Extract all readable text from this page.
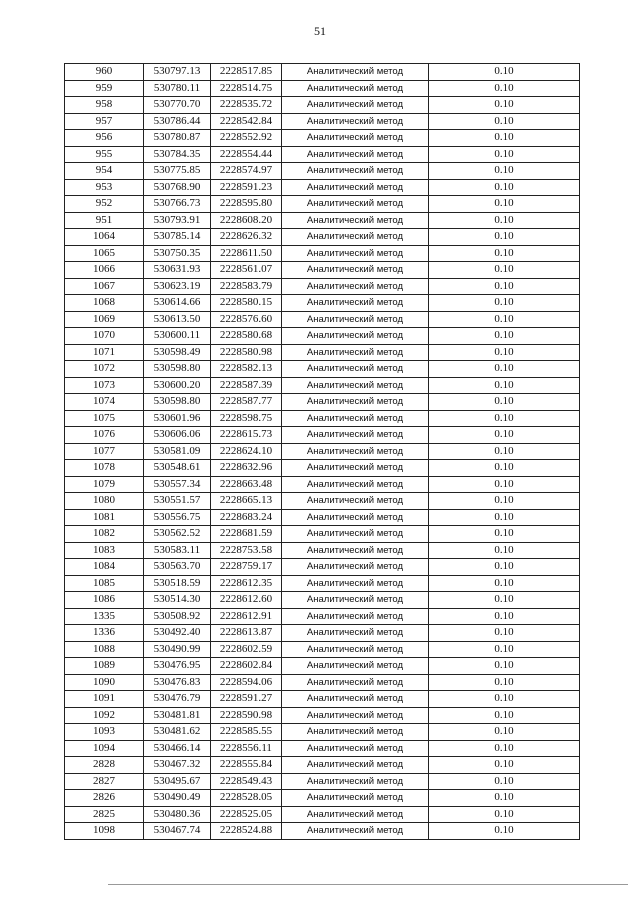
51
960	530797.13	2228517.85	Аналитический метод	0.10
959	530780.11	2228514.75	Аналитический метод	0.10
958	530770.70	2228535.72	Аналитический метод	0.10
957	530786.44	2228542.84	Аналитический метод	0.10
956	530780.87	2228552.92	Аналитический метод	0.10
955	530784.35	2228554.44	Аналитический метод	0.10
954	530775.85	2228574.97	Аналитический метод	0.10
953	530768.90	2228591.23	Аналитический метод	0.10
952	530766.73	2228595.80	Аналитический метод	0.10
951	530793.91	2228608.20	Аналитический метод	0.10
1064	530785.14	2228626.32	Аналитический метод	0.10
1065	530750.35	2228611.50	Аналитический метод	0.10
1066	530631.93	2228561.07	Аналитический метод	0.10
1067	530623.19	2228583.79	Аналитический метод	0.10
1068	530614.66	2228580.15	Аналитический метод	0.10
1069	530613.50	2228576.60	Аналитический метод	0.10
1070	530600.11	2228580.68	Аналитический метод	0.10
1071	530598.49	2228580.98	Аналитический метод	0.10
1072	530598.80	2228582.13	Аналитический метод	0.10
1073	530600.20	2228587.39	Аналитический метод	0.10
1074	530598.80	2228587.77	Аналитический метод	0.10
1075	530601.96	2228598.75	Аналитический метод	0.10
1076	530606.06	2228615.73	Аналитический метод	0.10
1077	530581.09	2228624.10	Аналитический метод	0.10
1078	530548.61	2228632.96	Аналитический метод	0.10
1079	530557.34	2228663.48	Аналитический метод	0.10
1080	530551.57	2228665.13	Аналитический метод	0.10
1081	530556.75	2228683.24	Аналитический метод	0.10
1082	530562.52	2228681.59	Аналитический метод	0.10
1083	530583.11	2228753.58	Аналитический метод	0.10
1084	530563.70	2228759.17	Аналитический метод	0.10
1085	530518.59	2228612.35	Аналитический метод	0.10
1086	530514.30	2228612.60	Аналитический метод	0.10
1335	530508.92	2228612.91	Аналитический метод	0.10
1336	530492.40	2228613.87	Аналитический метод	0.10
1088	530490.99	2228602.59	Аналитический метод	0.10
1089	530476.95	2228602.84	Аналитический метод	0.10
1090	530476.83	2228594.06	Аналитический метод	0.10
1091	530476.79	2228591.27	Аналитический метод	0.10
1092	530481.81	2228590.98	Аналитический метод	0.10
1093	530481.62	2228585.55	Аналитический метод	0.10
1094	530466.14	2228556.11	Аналитический метод	0.10
2828	530467.32	2228555.84	Аналитический метод	0.10
2827	530495.67	2228549.43	Аналитический метод	0.10
2826	530490.49	2228528.05	Аналитический метод	0.10
2825	530480.36	2228525.05	Аналитический метод	0.10
1098	530467.74	2228524.88	Аналитический метод	0.10
